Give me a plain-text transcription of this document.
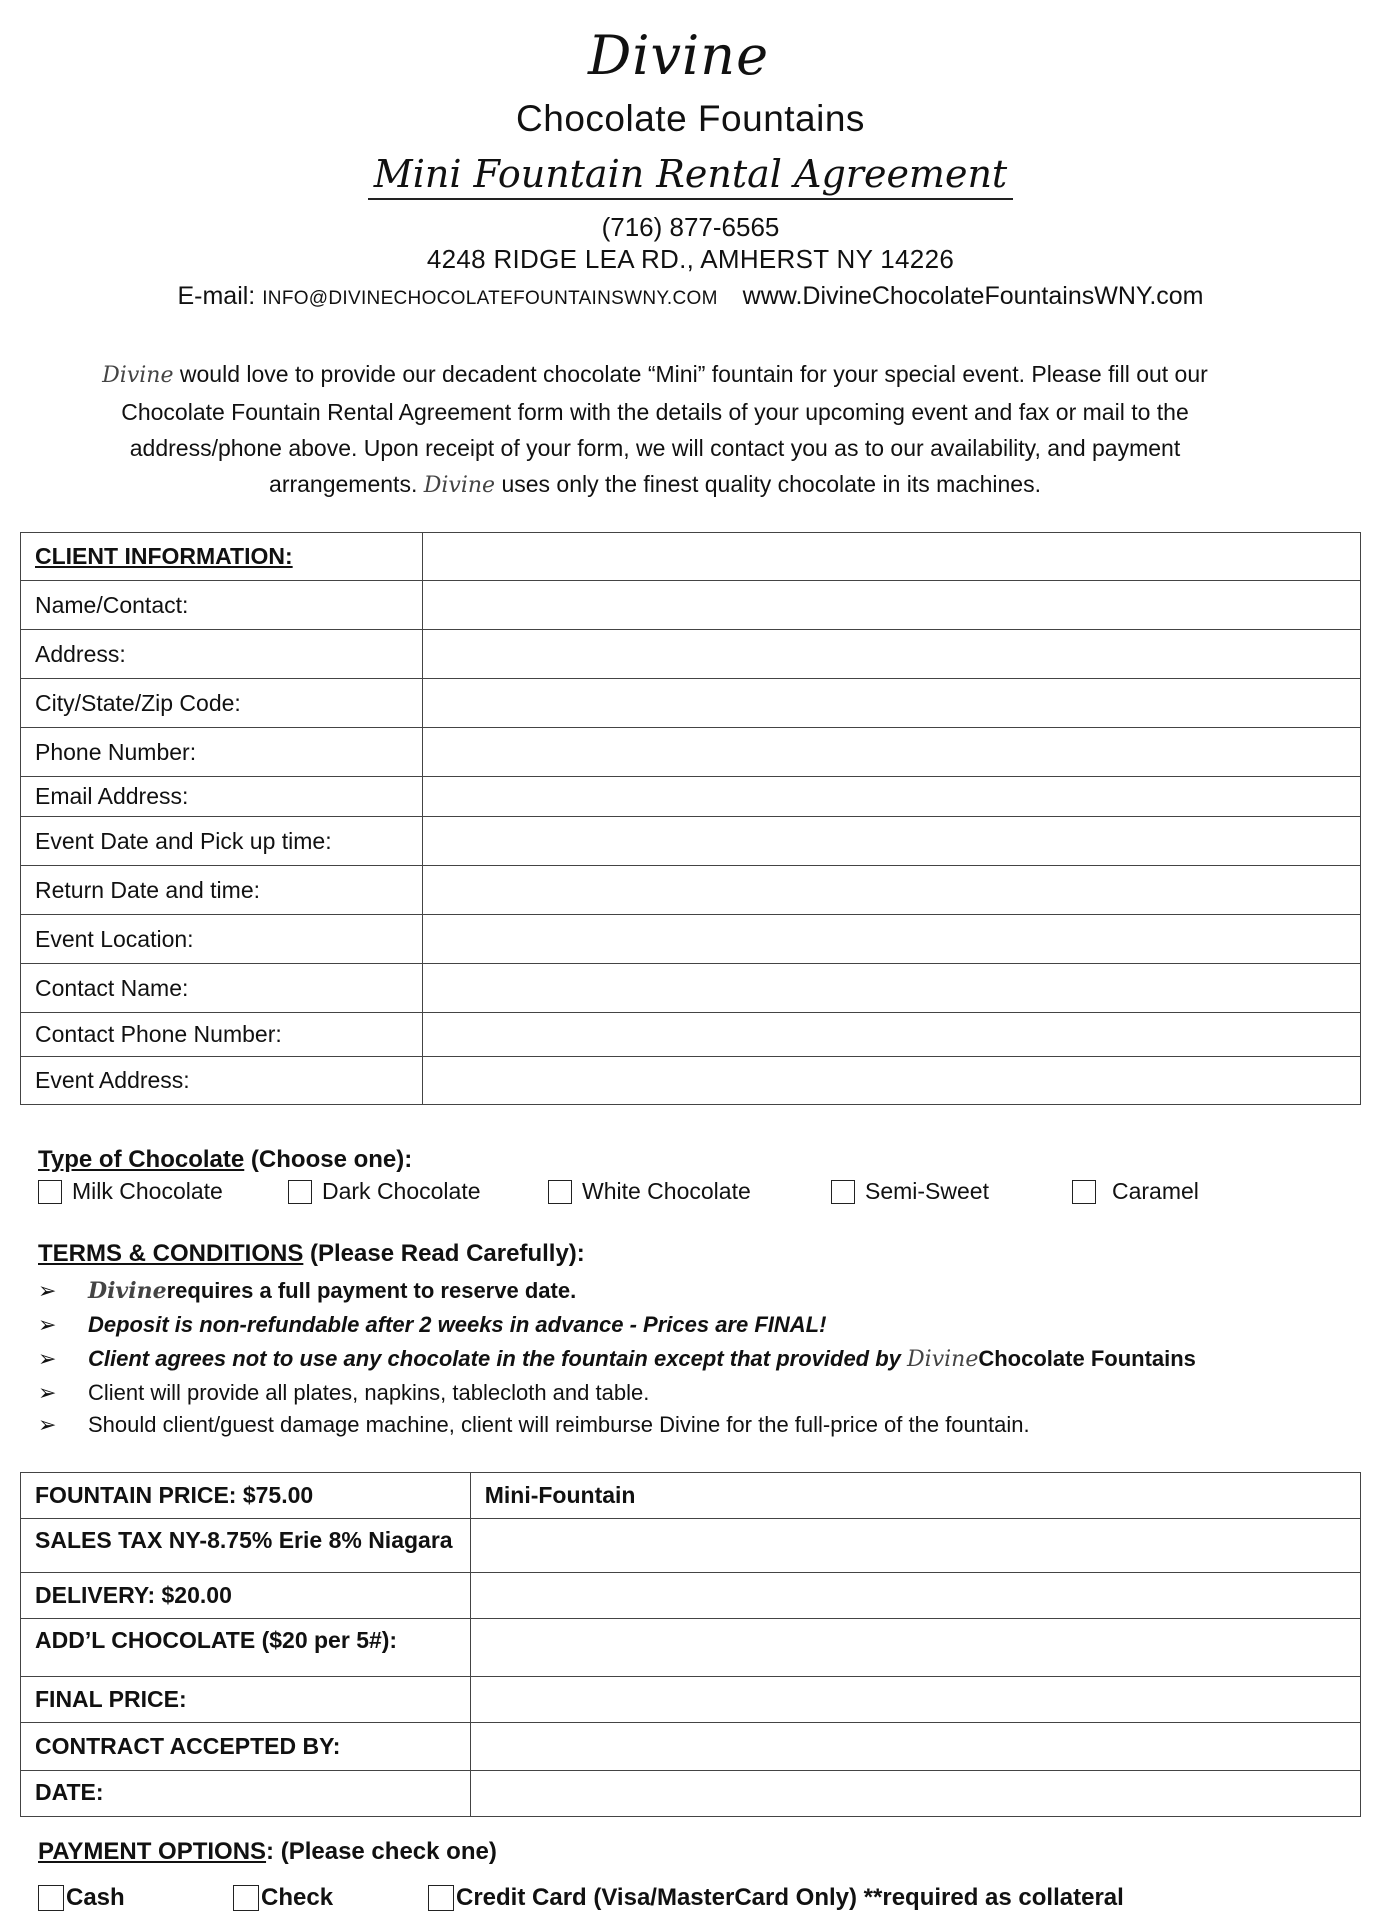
Divine
Chocolate Fountains
Mini Fountain Rental Agreement
(716) 877-6565
4248 RIDGE LEA RD., AMHERST NY 14226
E-mail: INFO@DIVINECHOCOLATEFOUNTAINSWNY.COM www.DivineChocolateFountainsWNY.com
Divine would love to provide our decadent chocolate “Mini” fountain for your special event. Please fill out our
Chocolate Fountain Rental Agreement form with the details of your upcoming event and fax or mail to the
address/phone above. Upon receipt of your form, we will contact you as to our availability, and payment
arrangements. Divine uses only the finest quality chocolate in its machines.
CLIENT INFORMATION:	
Name/Contact:	
Address:	
City/State/Zip Code:	
Phone Number:	
Email Address:	
Event Date and Pick up time:	
Return Date and time:	
Event Location:	
Contact Name:	
Contact Phone Number:	
Event Address:	
Type of Chocolate (Choose one):
Milk Chocolate	Dark Chocolate	White Chocolate	Semi-Sweet	Caramel
TERMS & CONDITIONS (Please Read Carefully):
➢ Divinerequires a full payment to reserve date.
➢ Deposit is non-refundable after 2 weeks in advance - Prices are FINAL!
➢ Client agrees not to use any chocolate in the fountain except that provided by DivineChocolate Fountains
➢ Client will provide all plates, napkins, tablecloth and table.
➢ Should client/guest damage machine, client will reimburse Divine for the full-price of the fountain.
FOUNTAIN PRICE: $75.00	Mini-Fountain
SALES TAX NY-8.75% Erie 8% Niagara	
DELIVERY: $20.00	
ADD’L CHOCOLATE ($20 per 5#):	
FINAL PRICE:	
CONTRACT ACCEPTED BY:	
DATE:	
PAYMENT OPTIONS: (Please check one)
Cash	Check	Credit Card (Visa/MasterCard Only) **required as collateral
